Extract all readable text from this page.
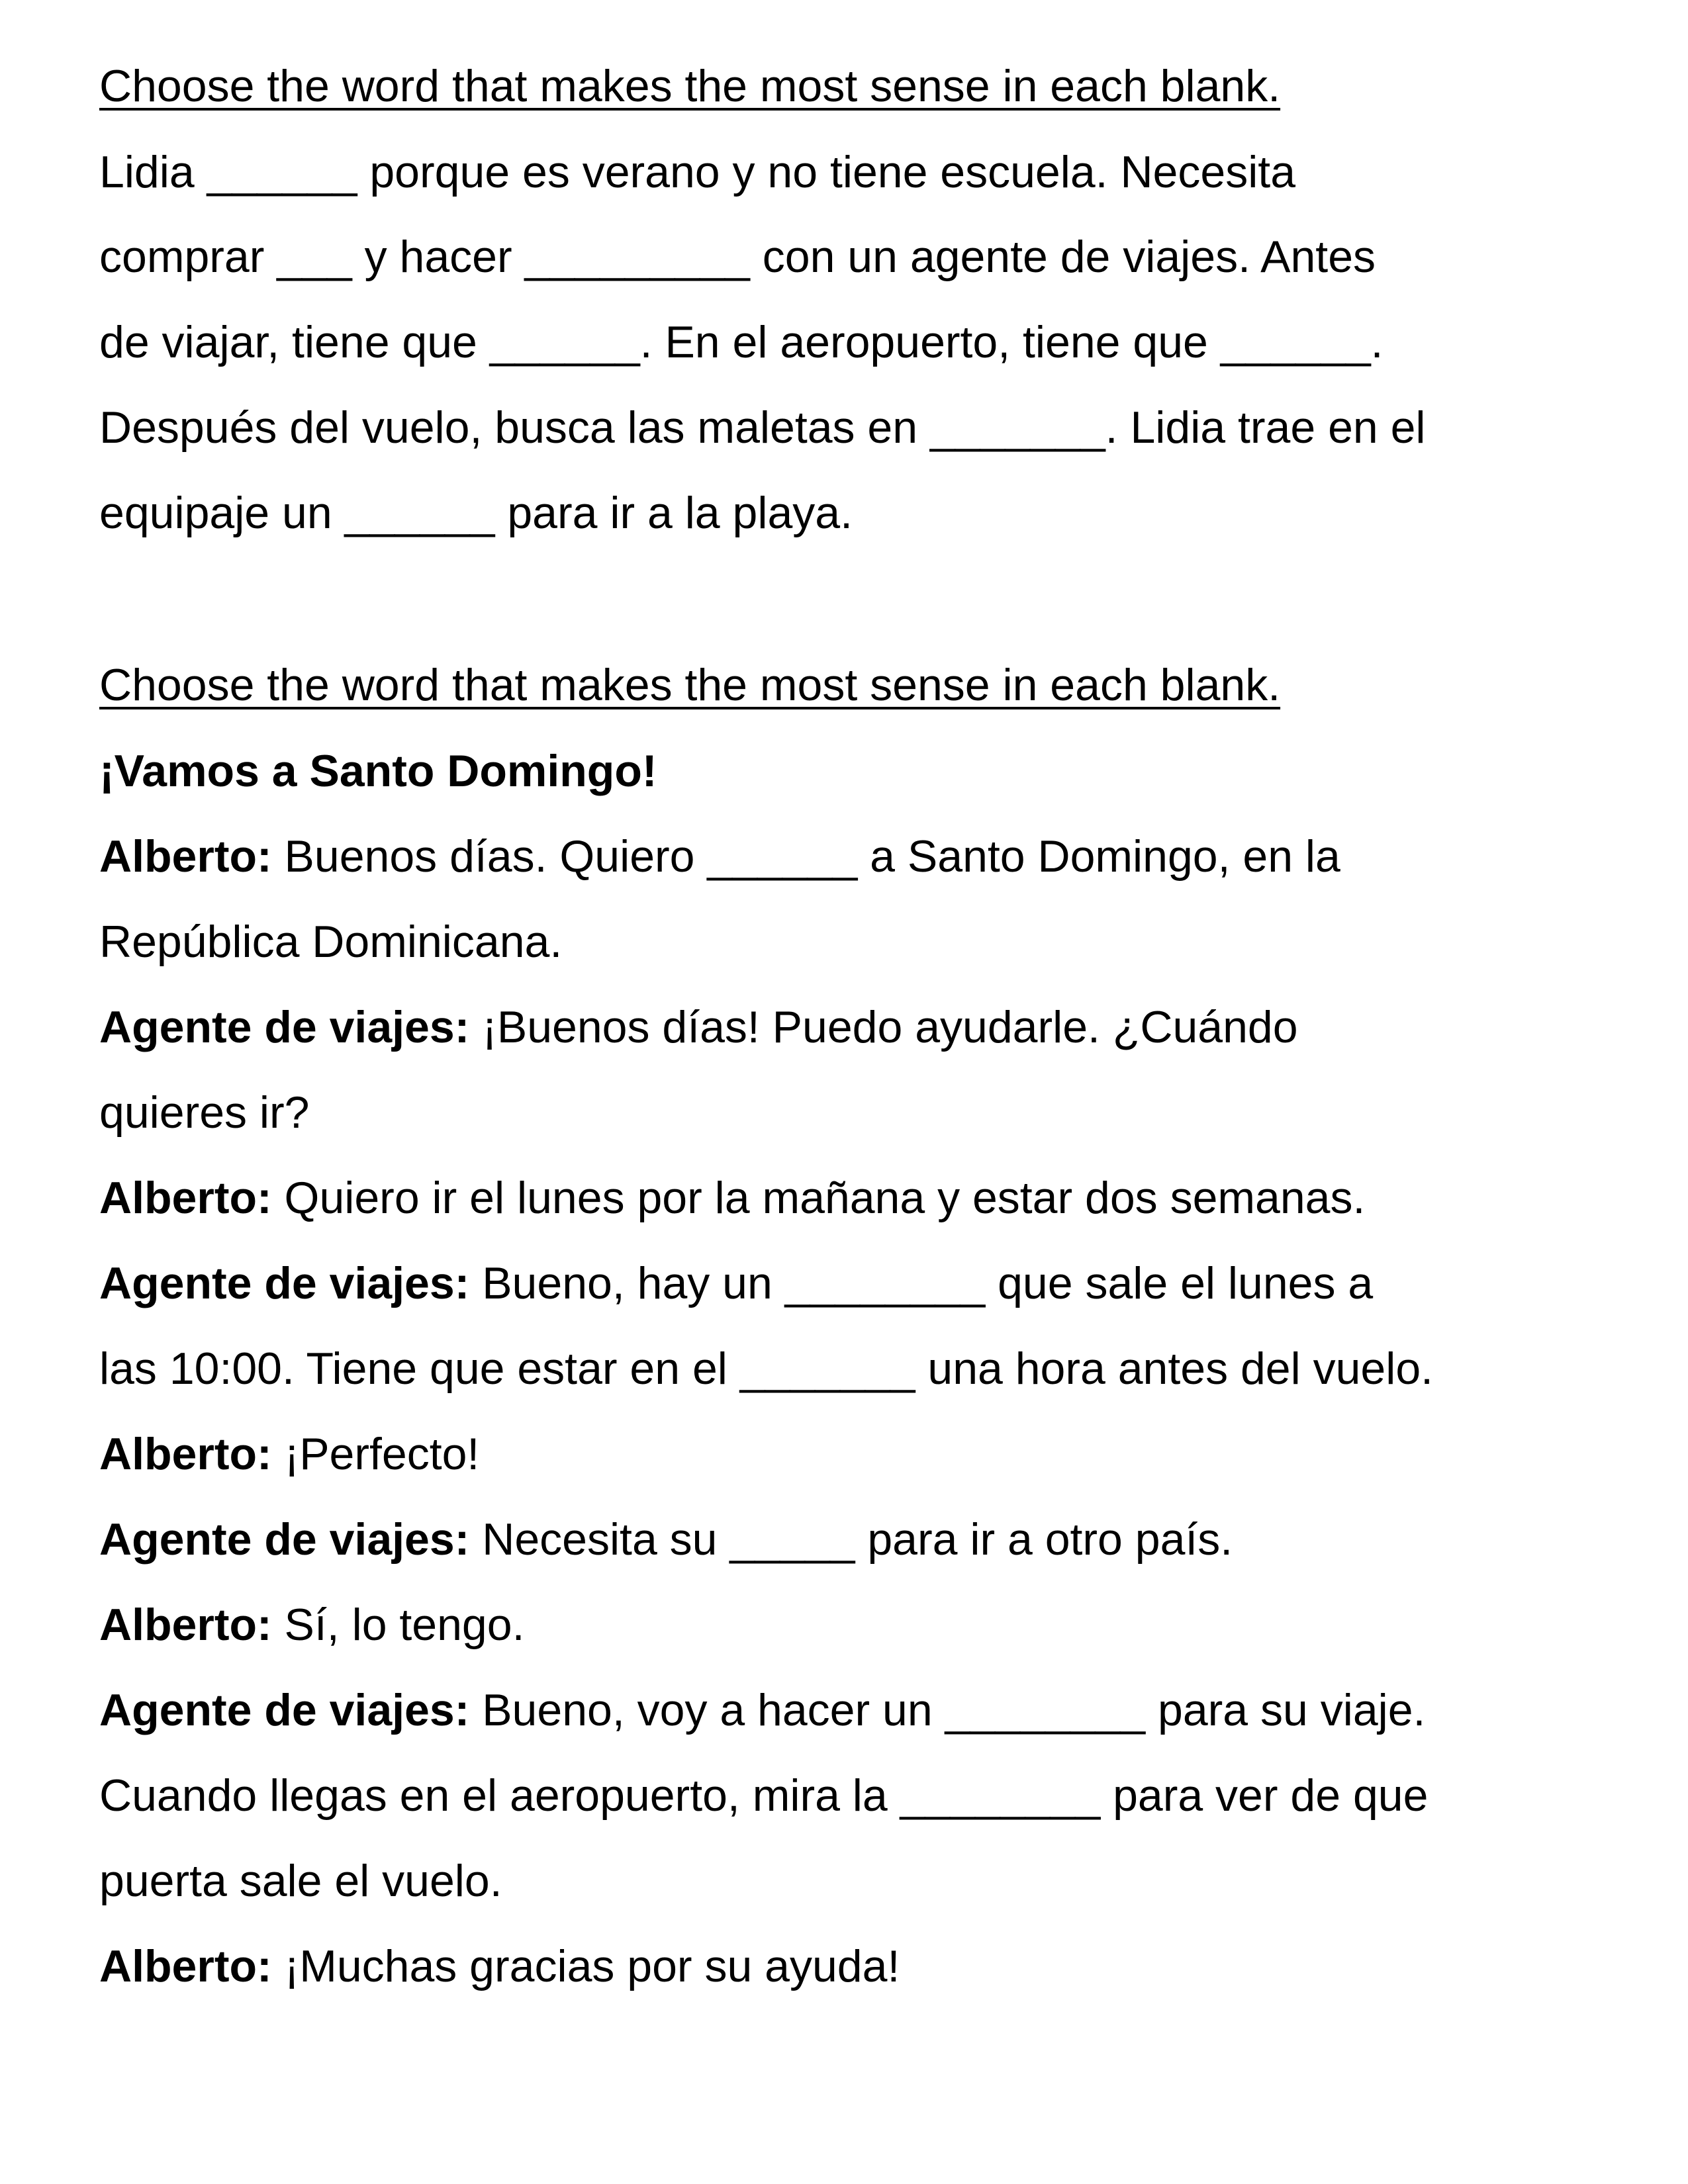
Choose the word that makes the most sense in each blank.
Lidia ______ porque es verano y no tiene escuela. Necesita
comprar ___ y hacer _________ con un agente de viajes. Antes
de viajar, tiene que ______. En el aeropuerto, tiene que ______.
Después del vuelo, busca las maletas en _______. Lidia trae en el
equipaje un ______ para ir a la playa.
Choose the word that makes the most sense in each blank.
¡Vamos a Santo Domingo!
Alberto: Buenos días. Quiero ______ a Santo Domingo, en la
República Dominicana.
Agente de viajes: ¡Buenos días! Puedo ayudarle. ¿Cuándo
quieres ir?
Alberto: Quiero ir el lunes por la mañana y estar dos semanas.
Agente de viajes: Bueno, hay un ________ que sale el lunes a
las 10:00. Tiene que estar en el _______ una hora antes del vuelo.
Alberto: ¡Perfecto!
Agente de viajes: Necesita su _____ para ir a otro país.
Alberto: Sí, lo tengo.
Agente de viajes: Bueno, voy a hacer un ________ para su viaje.
Cuando llegas en el aeropuerto, mira la ________ para ver de que
puerta sale el vuelo.
Alberto: ¡Muchas gracias por su ayuda!
